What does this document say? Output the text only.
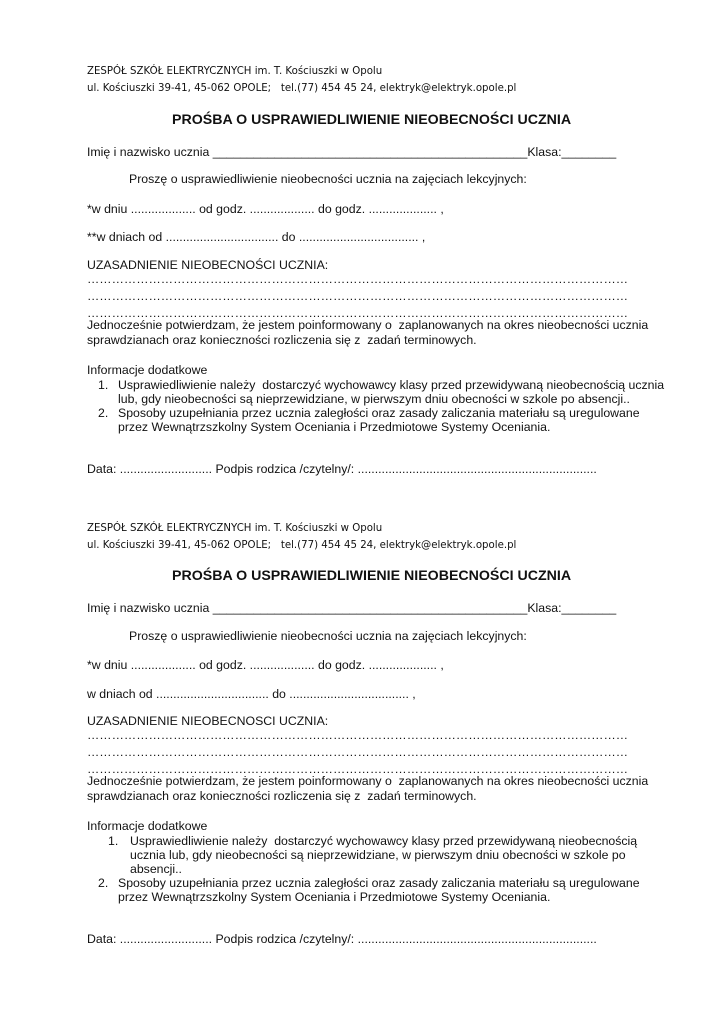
ZESPÓŁ SZKÓŁ ELEKTRYCZNYCH im. T. Kościuszki w Opolu
ul. Kościuszki 39-41, 45-062 OPOLE;   tel.(77) 454 45 24, elektryk@elektryk.opole.pl
PROŚBA O USPRAWIEDLIWIENIE NIEOBECNOŚCI UCZNIA
Imię i nazwisko ucznia ______________________________________________Klasa:________
Proszę o usprawiedliwienie nieobecności ucznia na zajęciach lekcyjnych:
*w dniu ................... od godz. ................... do godz. .................... ,
**w dniach od ................................. do ................................... ,
UZASADNIENIE NIEOBECNOŚCI UCZNIA:
……………………………………………………………………………………………………………………
……………………………………………………………………………………………………………………
……………………………………………………………………………………………………………………
Jednocześnie potwierdzam, że jestem poinformowany o  zaplanowanych na okres nieobecności ucznia
sprawdzianach oraz konieczności rozliczenia się z  zadań terminowych.
Informacje dodatkowe
1. Usprawiedliwienie należy  dostarczyć wychowawcy klasy przed przewidywaną nieobecnością ucznia
lub, gdy nieobecności są nieprzewidziane, w pierwszym dniu obecności w szkole po absencji..
2. Sposoby uzupełniania przez ucznia zaległości oraz zasady zaliczania materiału są uregulowane
przez Wewnątrzszkolny System Oceniania i Przedmiotowe Systemy Oceniania.
Data: ........................... Podpis rodzica /czytelny/: ......................................................................
ZESPÓŁ SZKÓŁ ELEKTRYCZNYCH im. T. Kościuszki w Opolu
ul. Kościuszki 39-41, 45-062 OPOLE;   tel.(77) 454 45 24, elektryk@elektryk.opole.pl
PROŚBA O USPRAWIEDLIWIENIE NIEOBECNOŚCI UCZNIA
Imię i nazwisko ucznia ______________________________________________Klasa:________
Proszę o usprawiedliwienie nieobecności ucznia na zajęciach lekcyjnych:
*w dniu ................... od godz. ................... do godz. .................... ,
w dniach od ................................. do ................................... ,
UZASADNIENIE NIEOBECNOSCI UCZNIA:
……………………………………………………………………………………………………………………
……………………………………………………………………………………………………………………
……………………………………………………………………………………………………………………
Jednocześnie potwierdzam, że jestem poinformowany o  zaplanowanych na okres nieobecności ucznia
sprawdzianach oraz konieczności rozliczenia się z  zadań terminowych.
Informacje dodatkowe
1. Usprawiedliwienie należy  dostarczyć wychowawcy klasy przed przewidywaną nieobecnością
ucznia lub, gdy nieobecności są nieprzewidziane, w pierwszym dniu obecności w szkole po
absencji..
2. Sposoby uzupełniania przez ucznia zaległości oraz zasady zaliczania materiału są uregulowane
przez Wewnątrzszkolny System Oceniania i Przedmiotowe Systemy Oceniania.
Data: ........................... Podpis rodzica /czytelny/: ......................................................................
